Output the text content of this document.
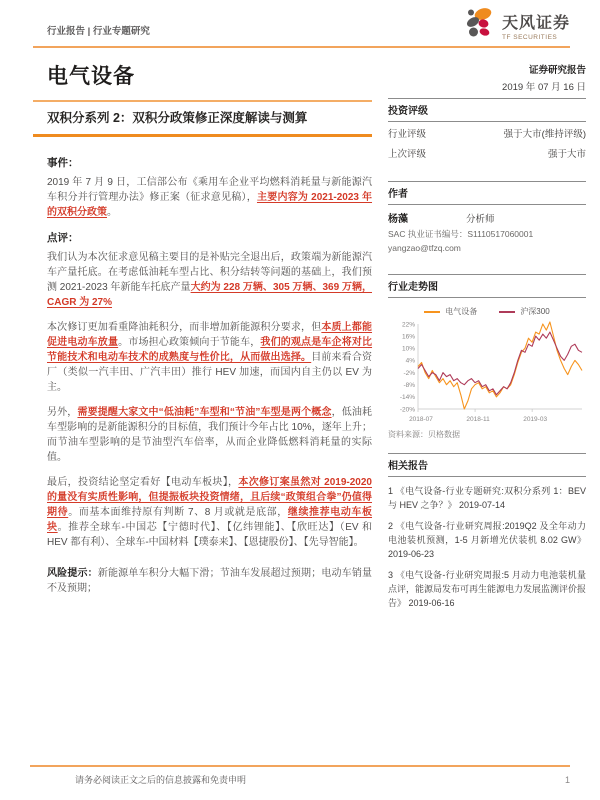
行业报告 | 行业专题研究	天风证券
TF SECURITIES
电气设备
双积分系列 2：双积分政策修正深度解读与测算

事件：

2019 年 7 月 9 日，工信部公布《乘用车企业平均燃料消耗量与新能源汽车积分并行管理办法》修正案（征求意见稿），主要内容为 2021-2023 年的双积分政策。

点评：

我们认为本次征求意见稿主要目的是补贴完全退出后，政策端为新能源汽车产量托底。在考虑低油耗车型占比、积分结转等问题的基础上，我们预测 2021-2023 年新能车托底产量大约为 228 万辆、305 万辆、369 万辆，CAGR 为 27%

本次修订更加看重降油耗积分，而非增加新能源积分要求，但本质上都能促进电动车放量。市场担心政策倾向于节能车，我们的观点是车企将对比节能技术和电动车技术的成熟度与性价比，从而做出选择。目前来看合资厂（类似一汽丰田、广汽丰田）推行 HEV 加速，而国内自主仍以 EV 为主。

另外，需要提醒大家文中“低油耗”车型和“节油”车型是两个概念，低油耗车型影响的是新能源积分的目标值，我们预计今年占比 10%，逐年上升；而节油车型影响的是节油型汽车倍率，从而企业降低燃料消耗量的实际值。

最后，投资结论坚定看好【电动车板块】，本次修订案虽然对 2019-2020 的量没有实质性影响，但提振板块投资情绪，且后续“政策组合拳”仍值得期待。而基本面维持原有判断 7、8 月或就是底部，继续推荐电动车板块。推荐全球车-中国芯【宁德时代】、【亿纬锂能】、【欣旺达】（EV 和 HEV 都有利）、全球车-中国材料【璞泰来】、【恩捷股份】、【先导智能】。

风险提示：新能源单车积分大幅下滑；节油车发展超过预期；电动车销量不及预期；

证券研究报告
2019 年 07 月 16 日
投资评级
行业评级	强于大市(维持评级)
上次评级	强于大市
作者
杨藻	分析师
SAC 执业证书编号：S1110517060001
yangzao@tfzq.com
行业走势图
电气设备	沪深300
22%
16%
10%
4%
-2%
-8%
-14%
-20%
2018-07	2018-11	2019-03
资料来源：贝格数据
相关报告
1 《电气设备-行业专题研究:双积分系列 1：BEV 与 HEV 之争？》 2019-07-14
2 《电气设备-行业研究周报:2019Q2 及全年动力电池装机预测，1-5 月新增光伏装机 8.02 GW》 2019-06-23
3 《电气设备-行业研究周报:5 月动力电池装机量点评，能源局发布可再生能源电力发展监测评价报告》 2019-06-16
请务必阅读正文之后的信息披露和免责申明	1
